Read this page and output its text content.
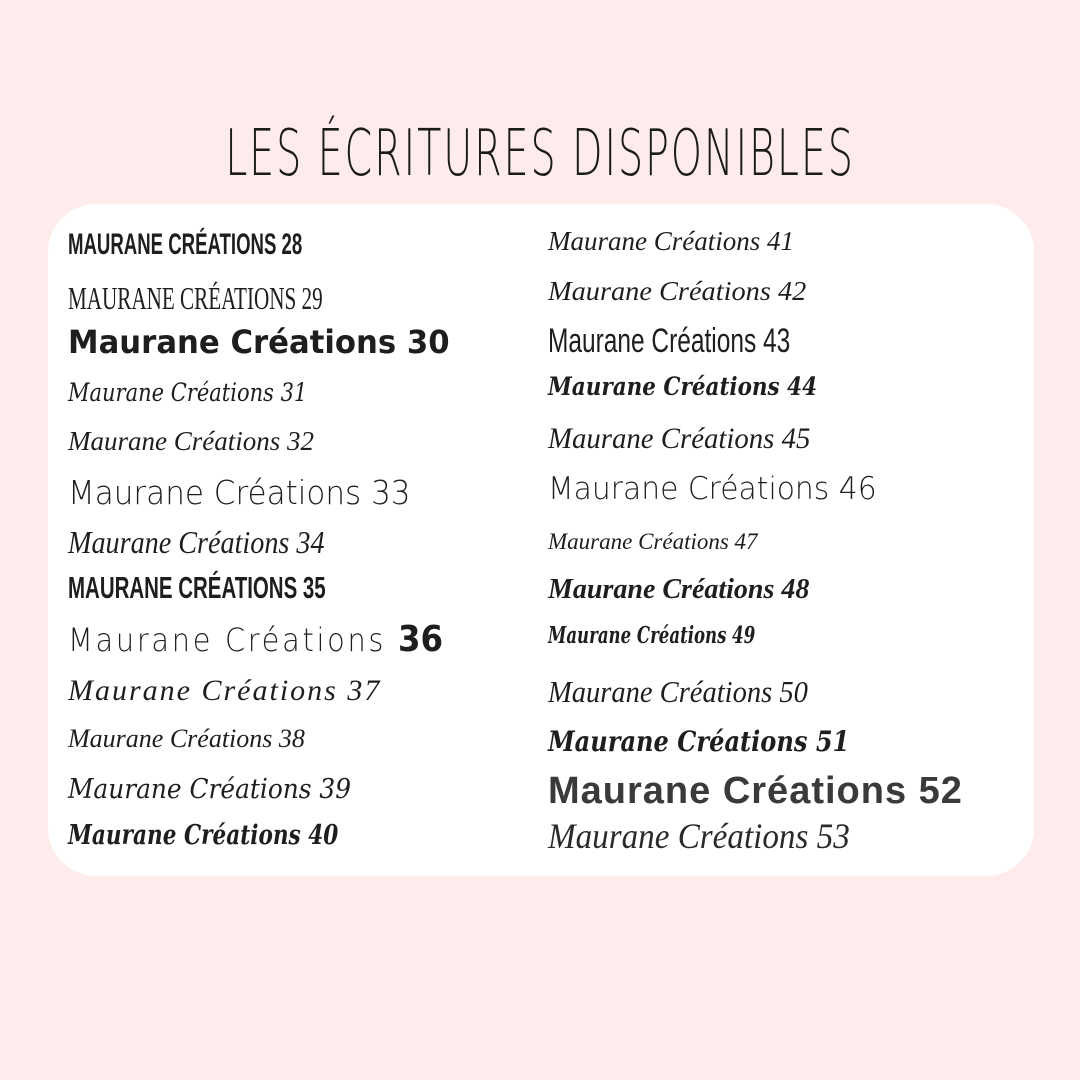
LES ÉCRITURES DISPONIBLES
MAURANE CRÉATIONS 28
MAURANE CRÉATIONS 29
Maurane Créations 30
Maurane Créations 31
Maurane Créations 32
Maurane Créations 33
Maurane Créations 34
MAURANE CRÉATIONS 35
Maurane Créations 36
Maurane Créations 37
Maurane Créations 38
Maurane Créations 39
Maurane Créations 40
Maurane Créations 41
Maurane Créations 42
Maurane Créations 43
Maurane Créations 44
Maurane Créations 45
Maurane Créations 46
Maurane Créations 47
Maurane Créations 48
Maurane Créations 49
Maurane Créations 50
Maurane Créations 51
Maurane Créations 52
Maurane Créations 53
